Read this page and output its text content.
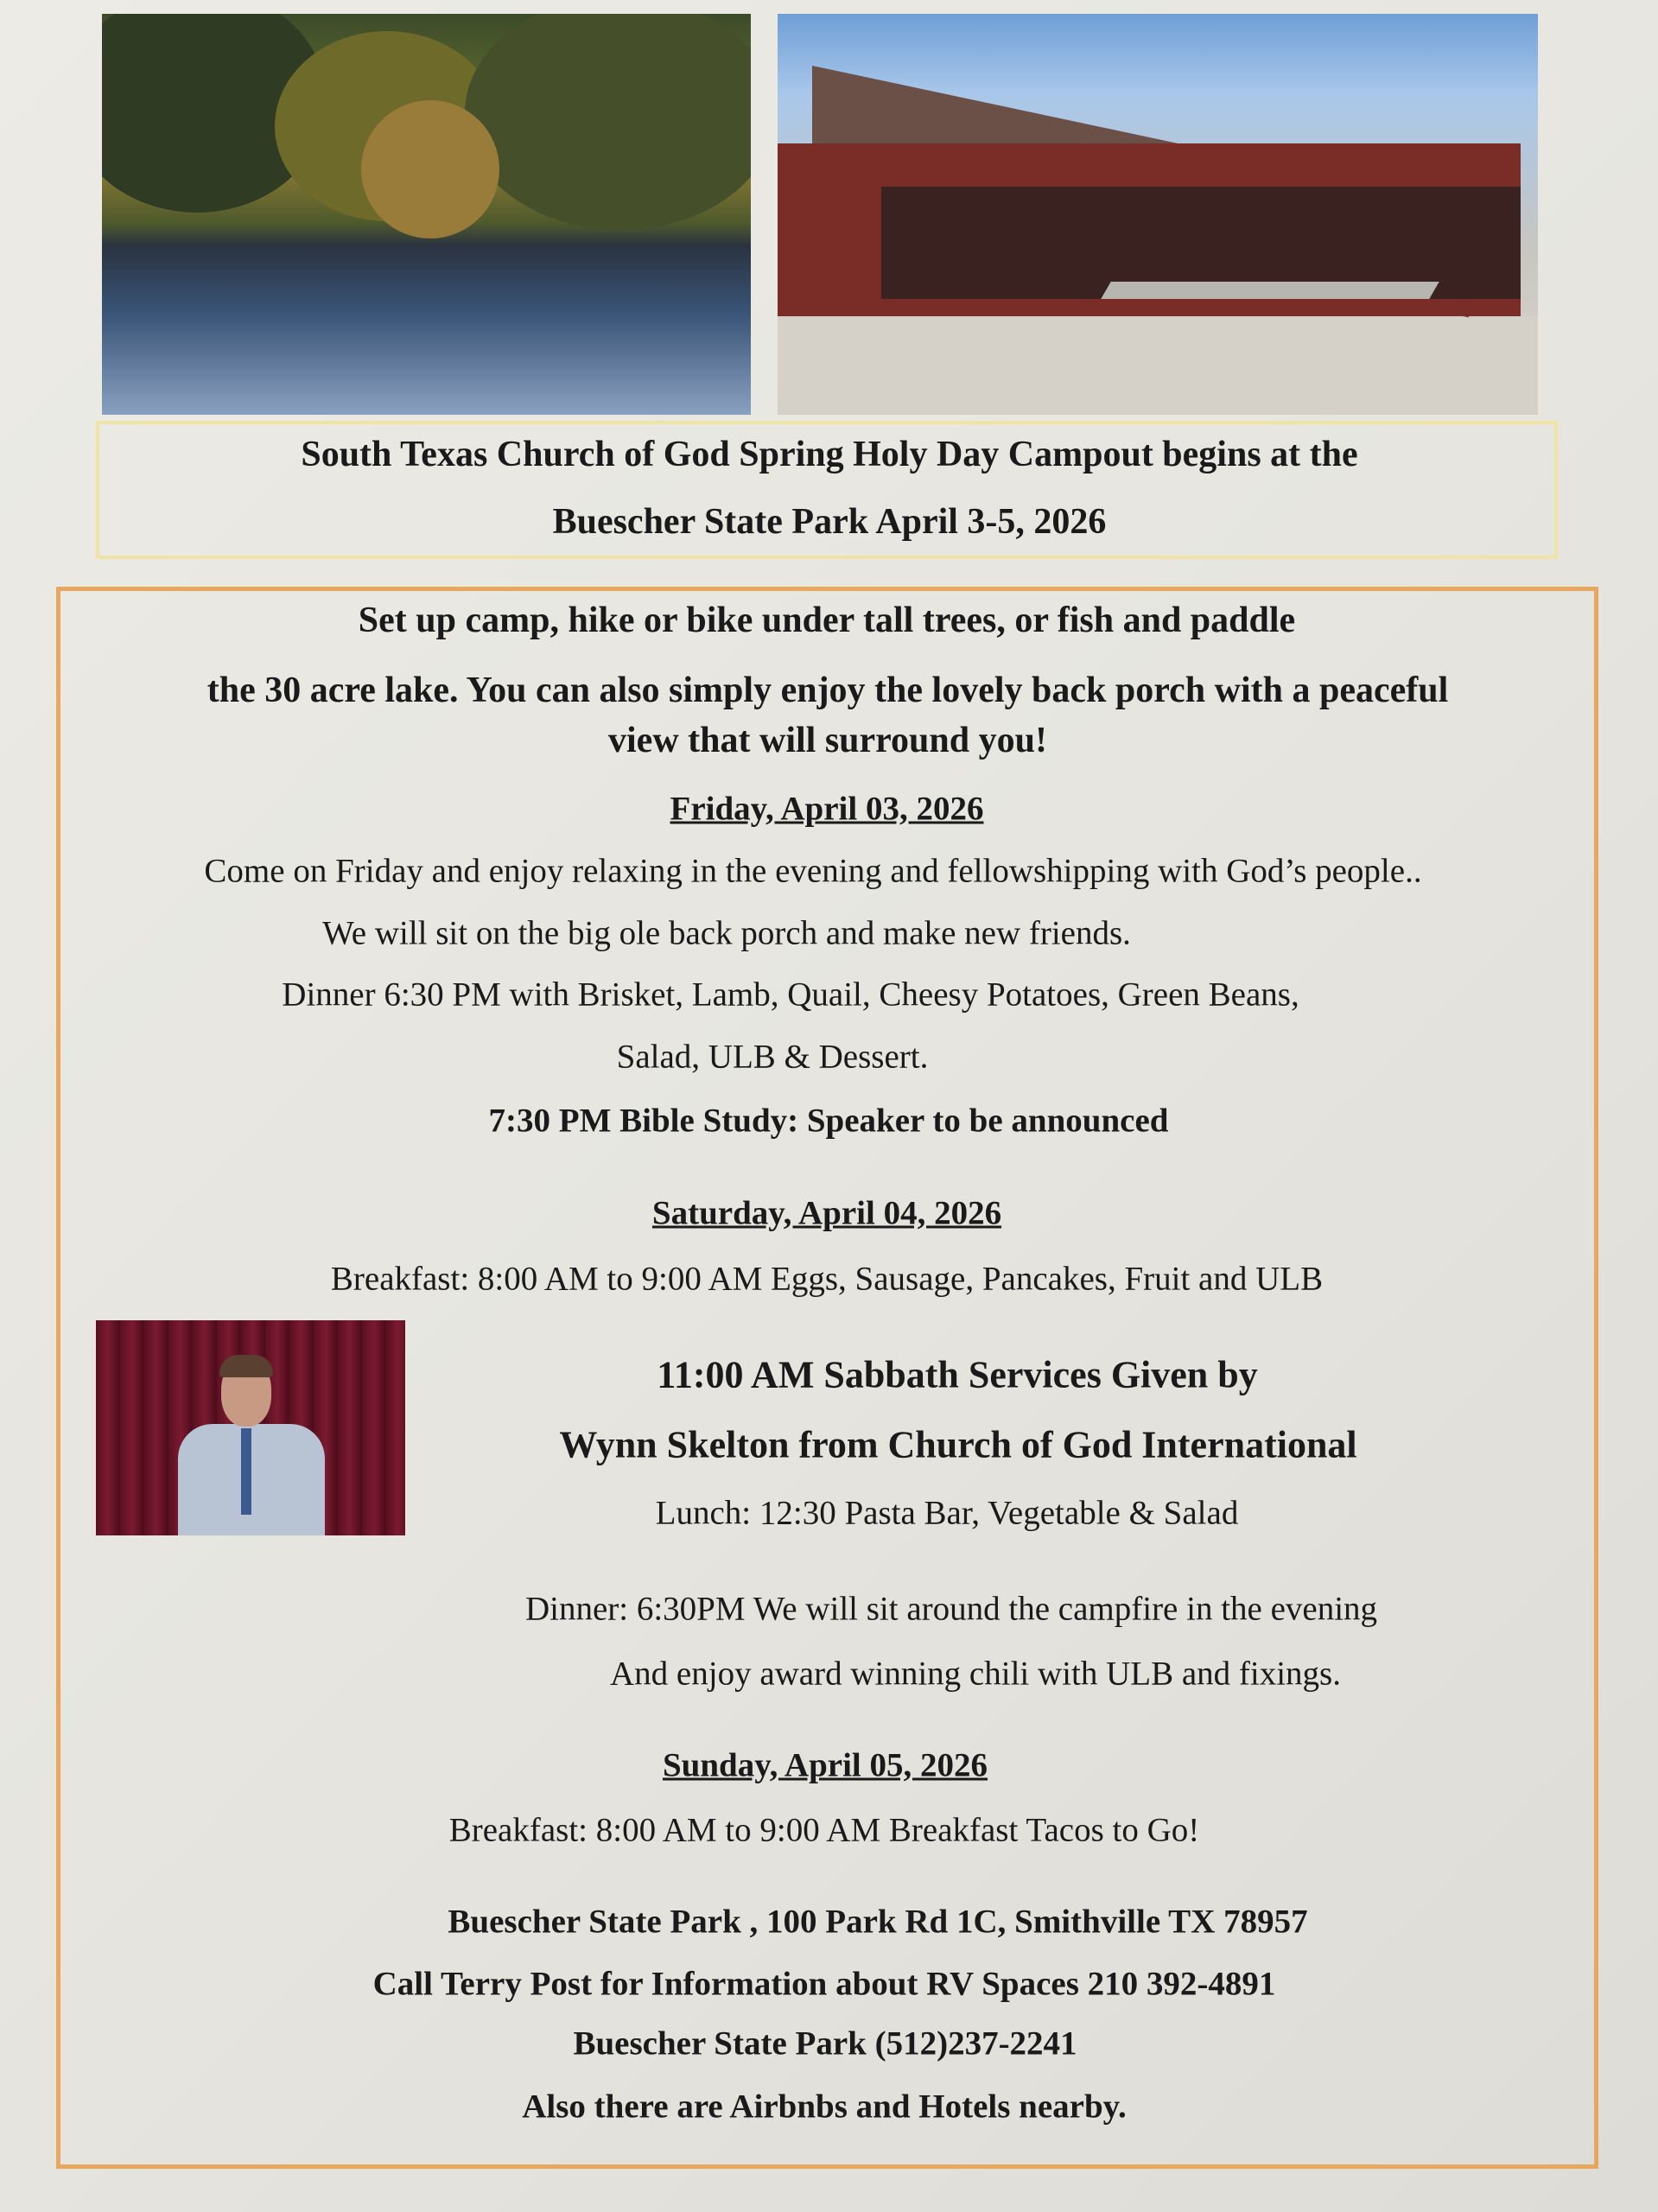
South Texas Church of God Spring Holy Day Campout begins at the
Buescher State Park April 3-5, 2026
Set up camp, hike or bike under tall trees, or fish and paddle
the 30 acre lake. You can also simply enjoy the lovely back porch with a peaceful
view that will surround you!
Friday, April 03, 2026
Come on Friday and enjoy relaxing in the evening and fellowshipping with God’s people..
We will sit on the big ole back porch and make new friends.
Dinner 6:30 PM with Brisket, Lamb, Quail, Cheesy Potatoes, Green Beans,
Salad, ULB & Dessert.
7:30 PM Bible Study: Speaker to be announced
Saturday, April 04, 2026
Breakfast: 8:00 AM to 9:00 AM Eggs, Sausage, Pancakes, Fruit and ULB
11:00 AM Sabbath Services Given by
Wynn Skelton from Church of God International
Lunch: 12:30 Pasta Bar, Vegetable & Salad
Dinner: 6:30PM We will sit around the campfire in the evening
And enjoy award winning chili with ULB and fixings.
Sunday, April 05, 2026
Breakfast: 8:00 AM to 9:00 AM Breakfast Tacos to Go!
Buescher State Park , 100 Park Rd 1C, Smithville TX 78957
Call Terry Post for Information about RV Spaces 210 392-4891
Buescher State Park (512)237-2241
Also there are Airbnbs and Hotels nearby.
